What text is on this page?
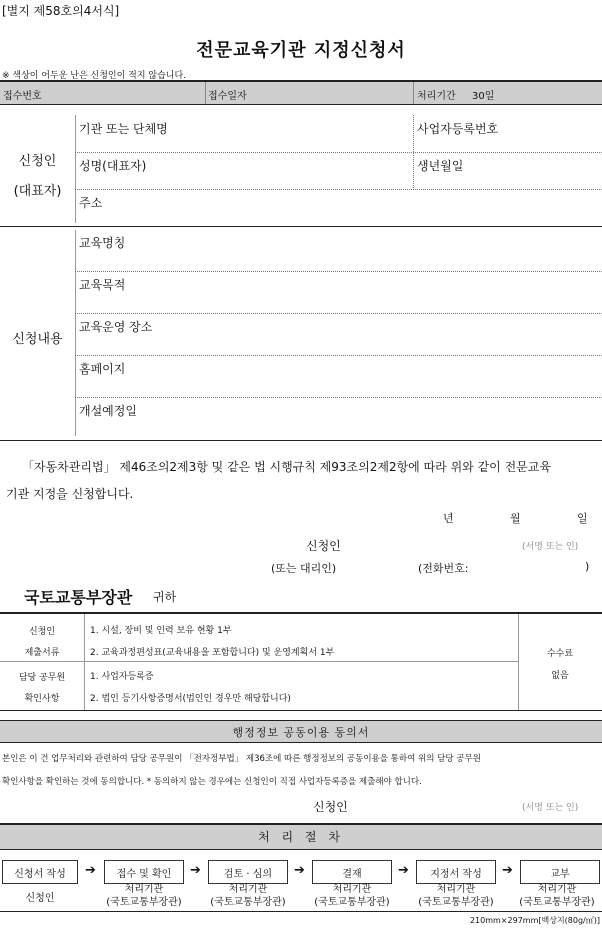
[별지 제58호의4서식]
전문교육기관 지정신청서
※ 색상이 어두운 난은 신청인이 적지 않습니다.
접수번호	접수일자	처리기간 30일
신청인
(대표자)
기관 또는 단체명	사업자등록번호
성명(대표자)	생년월일
주소
신청내용
교육명칭
교육목적
교육운영 장소
홈페이지
개설예정일
「자동차관리법」 제46조의2제3항 및 같은 법 시행규칙 제93조의2제2항에 따라 위와 같이 전문교육
기관 지정을 신청합니다.
년	월	일
신청인	(서명 또는 인)
(또는 대리인)	(전화번호:	)
국토교통부장관 귀하
신청인
제출서류
1. 시설, 장비 및 인력 보유 현황 1부
2. 교육과정편성표(교육내용을 포함합니다) 및 운영계획서 1부	수수료
없음
담당 공무원
확인사항
1. 사업자등록증
2. 법인 등기사항증명서(법인인 경우만 해당합니다)
행정정보 공동이용 동의서
본인은 이 건 업무처리와 관련하여 담당 공무원이 「전자정부법」 제36조에 따른 행정정보의 공동이용을 통하여 위의 담당 공무원
확인사항을 확인하는 것에 동의합니다. * 동의하지 않는 경우에는 신청인이 직접 사업자등록증을 제출해야 합니다.
신청인	(서명 또는 인)
처 리 절 차
신청서 작성	➔	접수 및 확인	➔	검토 · 심의	➔	결재	➔	지정서 작성	➔	교부
신청인
처리기관
(국토교통부장관)
처리기관
(국토교통부장관)
처리기관
(국토교통부장관)
처리기관
(국토교통부장관)
처리기관
(국토교통부장관)
210mm×297mm[백상지(80g/㎡)]
